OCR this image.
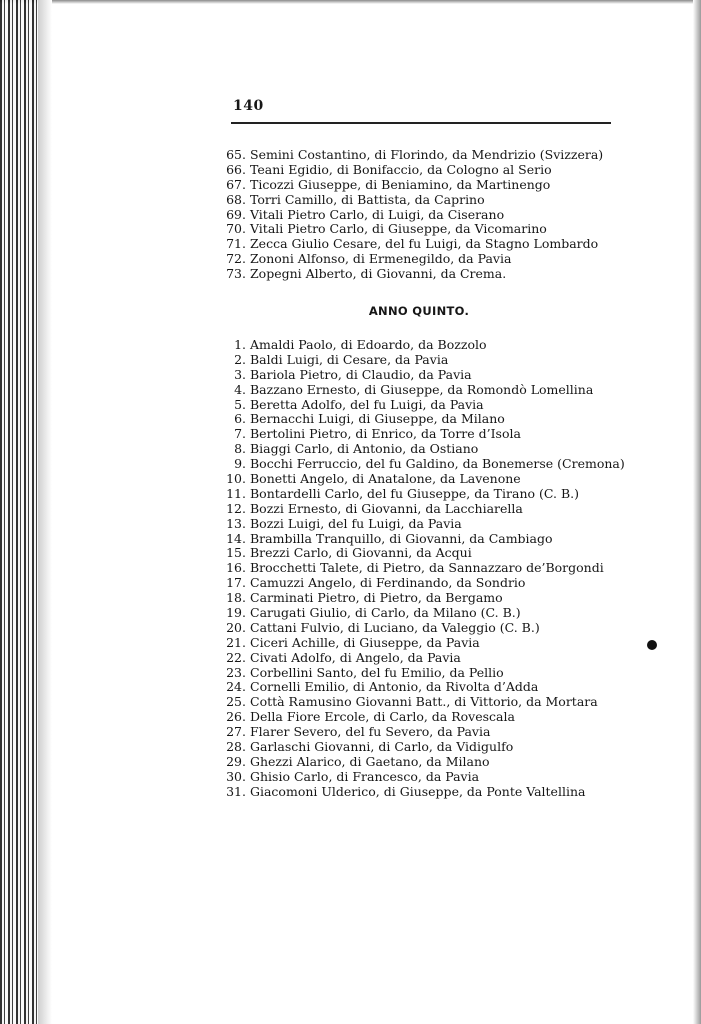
140
65. Semini Costantino, di Florindo, da Mendrizio (Svizzera)
66. Teani Egidio, di Bonifaccio, da Cologno al Serio
67. Ticozzi Giuseppe, di Beniamino, da Martinengo
68. Torri Camillo, di Battista, da Caprino
69. Vitali Pietro Carlo, di Luigi, da Ciserano
70. Vitali Pietro Carlo, di Giuseppe, da Vicomarino
71. Zecca Giulio Cesare, del fu Luigi, da Stagno Lombardo
72. Zononi Alfonso, di Ermenegildo, da Pavia
73. Zopegni Alberto, di Giovanni, da Crema.
ANNO QUINTO.
1. Amaldi Paolo, di Edoardo, da Bozzolo
2. Baldi Luigi, di Cesare, da Pavia
3. Bariola Pietro, di Claudio, da Pavia
4. Bazzano Ernesto, di Giuseppe, da Romondò Lomellina
5. Beretta Adolfo, del fu Luigi, da Pavia
6. Bernacchi Luigi, di Giuseppe, da Milano
7. Bertolini Pietro, di Enrico, da Torre d’Isola
8. Biaggi Carlo, di Antonio, da Ostiano
9. Bocchi Ferruccio, del fu Galdino, da Bonemerse (Cremona)
10. Bonetti Angelo, di Anatalone, da Lavenone
11. Bontardelli Carlo, del fu Giuseppe, da Tirano (C. B.)
12. Bozzi Ernesto, di Giovanni, da Lacchiarella
13. Bozzi Luigi, del fu Luigi, da Pavia
14. Brambilla Tranquillo, di Giovanni, da Cambiago
15. Brezzi Carlo, di Giovanni, da Acqui
16. Brocchetti Talete, di Pietro, da Sannazzaro de’Borgondi
17. Camuzzi Angelo, di Ferdinando, da Sondrio
18. Carminati Pietro, di Pietro, da Bergamo
19. Carugati Giulio, di Carlo, da Milano (C. B.)
20. Cattani Fulvio, di Luciano, da Valeggio (C. B.)
21. Ciceri Achille, di Giuseppe, da Pavia
22. Civati Adolfo, di Angelo, da Pavia
23. Corbellini Santo, del fu Emilio, da Pellio
24. Cornelli Emilio, di Antonio, da Rivolta d’Adda
25. Cottà Ramusino Giovanni Batt., di Vittorio, da Mortara
26. Della Fiore Ercole, di Carlo, da Rovescala
27. Flarer Severo, del fu Severo, da Pavia
28. Garlaschi Giovanni, di Carlo, da Vidigulfo
29. Ghezzi Alarico, di Gaetano, da Milano
30. Ghisio Carlo, di Francesco, da Pavia
31. Giacomoni Ulderico, di Giuseppe, da Ponte Valtellina
